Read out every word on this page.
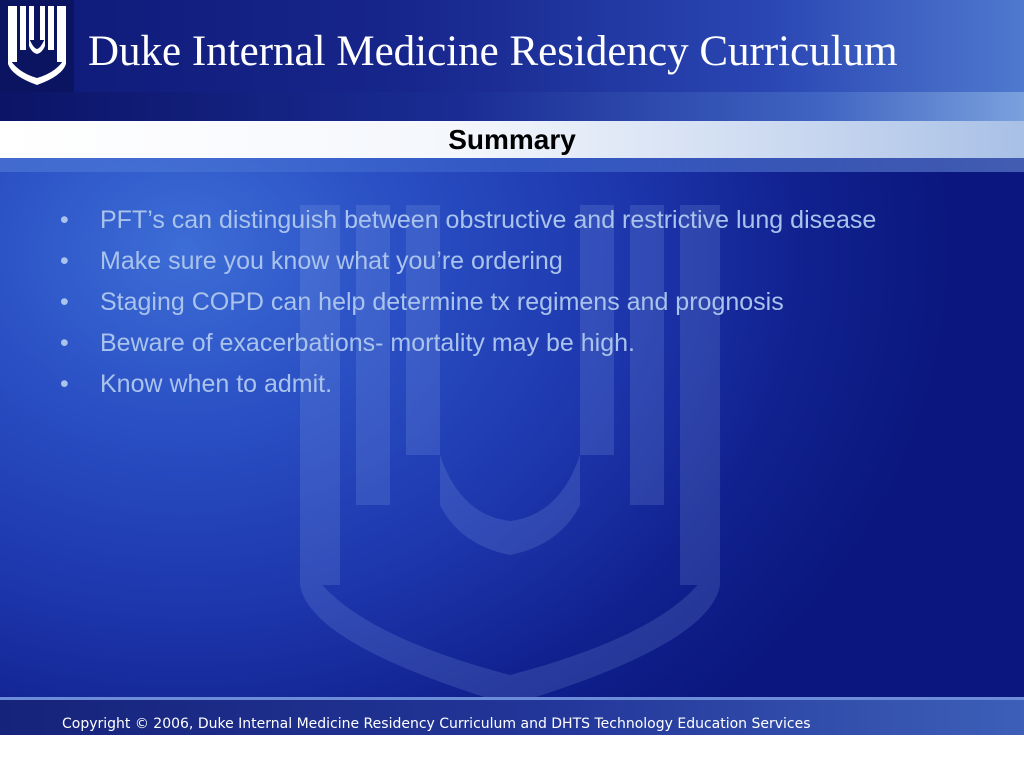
Duke Internal Medicine Residency Curriculum
Summary
• PFT’s can distinguish between obstructive and restrictive lung disease
• Make sure you know what you’re ordering
• Staging COPD can help determine tx regimens and prognosis
• Beware of exacerbations- mortality may be high.
• Know when to admit.

Copyright © 2006, Duke Internal Medicine Residency Curriculum and DHTS Technology Education Services
